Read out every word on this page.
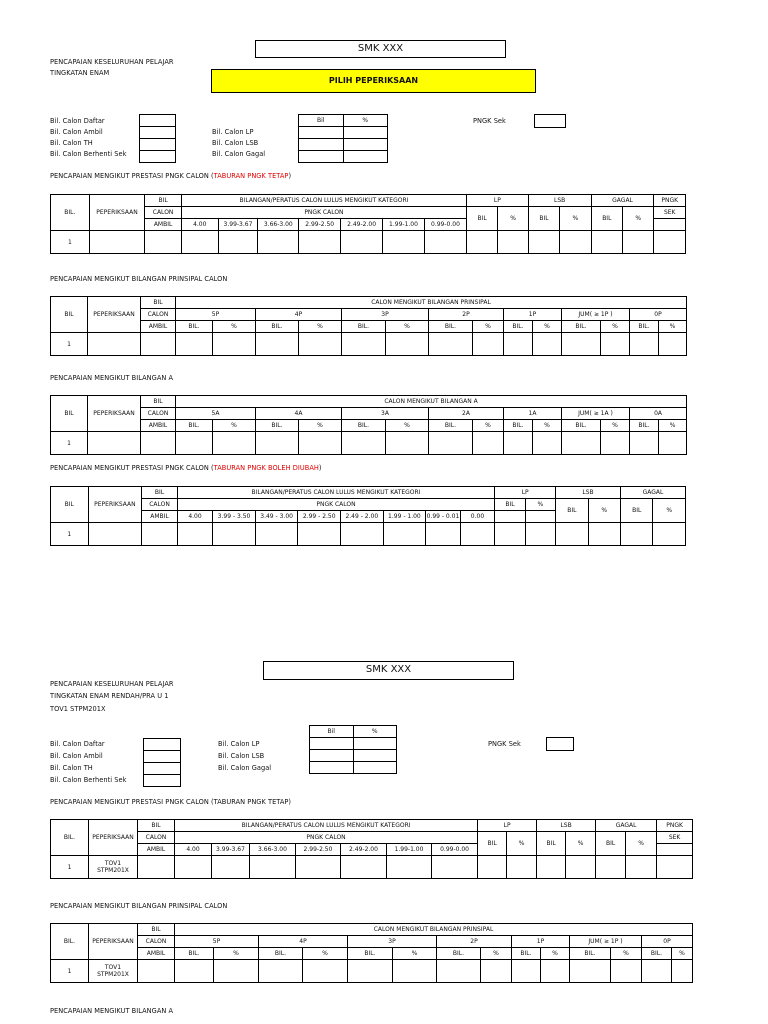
SMK XXX
PENCAPAIAN KESELURUHAN PELAJAR
TINGKATAN ENAM
PILIH PEPERIKSAAN
Bil. Calon Daftar
Bil. Calon Ambil
Bil. Calon TH
Bil. Calon Berhenti Sek

Bil. Calon LP
Bil. Calon LSB
Bil. Calon Gagal
Bil	%

		PNGK Sek
PENCAPAIAN MENGIKUT PRESTASI PNGK CALON (TABURAN PNGK TETAP)
BIL.	PEPERIKSAAN	BIL	BILANGAN/PERATUS CALON LULUS MENGIKUT KATEGORI							LP		LSB		GAGAL		PNGK
		CALON	PNGK CALON							BIL	%	BIL	%	BIL	%	SEK
		AMBIL	4.00	3.99-3.67	3.66-3.00	2.99-2.50	2.49-2.00	1.99-1.00	0.99-0.00							
1																
PENCAPAIAN MENGIKUT BILANGAN PRINSIPAL CALON
BIL	PEPERIKSAAN	BIL	CALON MENGIKUT BILANGAN PRINSIPAL													
		CALON	5P		4P		3P		2P		1P		JUM( ≥ 1P )		0P	
		AMBIL	BIL.	%	BIL.	%	BIL.	%	BIL.	%	BIL.	%	BIL.	%	BIL.	%
1																
PENCAPAIAN MENGIKUT BILANGAN A
BIL	PEPERIKSAAN	BIL	CALON MENGIKUT BILANGAN A													
		CALON	5A		4A		3A		2A		1A		JUM( ≥ 1A )		0A	
		AMBIL	BIL.	%	BIL.	%	BIL.	%	BIL.	%	BIL.	%	BIL.	%	BIL.	%
1																
PENCAPAIAN MENGIKUT PRESTASI PNGK CALON (TABURAN PNGK BOLEH DIUBAH)
BIL	PEPERIKSAAN	BIL	BILANGAN/PERATUS CALON LULUS MENGIKUT KATEGORI								LP		LSB		GAGAL	
		CALON	PNGK CALON								BIL	%	BIL	%	BIL	%
		AMBIL	4.00	3.99 - 3.50	3.49 - 3.00	2.99 - 2.50	2.49 - 2.00	1.99 - 1.00	0.99 - 0.01	0.00						
1																
SMK XXX
PENCAPAIAN KESELURUHAN PELAJAR
TINGKATAN ENAM RENDAH/PRA U 1
TOV1 STPM201X
Bil	%

Bil. Calon Daftar
Bil. Calon Ambil
Bil. Calon TH
Bil. Calon Berhenti Sek

Bil. Calon LP
Bil. Calon LSB
Bil. Calon Gagal
PNGK Sek
PENCAPAIAN MENGIKUT PRESTASI PNGK CALON (TABURAN PNGK TETAP)
BIL.	PEPERIKSAAN	BIL	BILANGAN/PERATUS CALON LULUS MENGIKUT KATEGORI							LP		LSB		GAGAL		PNGK
		CALON	PNGK CALON							BIL	%	BIL	%	BIL	%	SEK
		AMBIL	4.00	3.99-3.67	3.66-3.00	2.99-2.50	2.49-2.00	1.99-1.00	0.99-0.00							
1	TOV1 STPM201X															
PENCAPAIAN MENGIKUT BILANGAN PRINSIPAL CALON
BIL.	PEPERIKSAAN	BIL	CALON MENGIKUT BILANGAN PRINSIPAL													
		CALON	5P		4P		3P		2P		1P		JUM( ≥ 1P )		0P	
		AMBIL	BIL.	%	BIL.	%	BIL.	%	BIL.	%	BIL.	%	BIL.	%	BIL.	%
1	TOV1 STPM201X															
PENCAPAIAN MENGIKUT BILANGAN A
